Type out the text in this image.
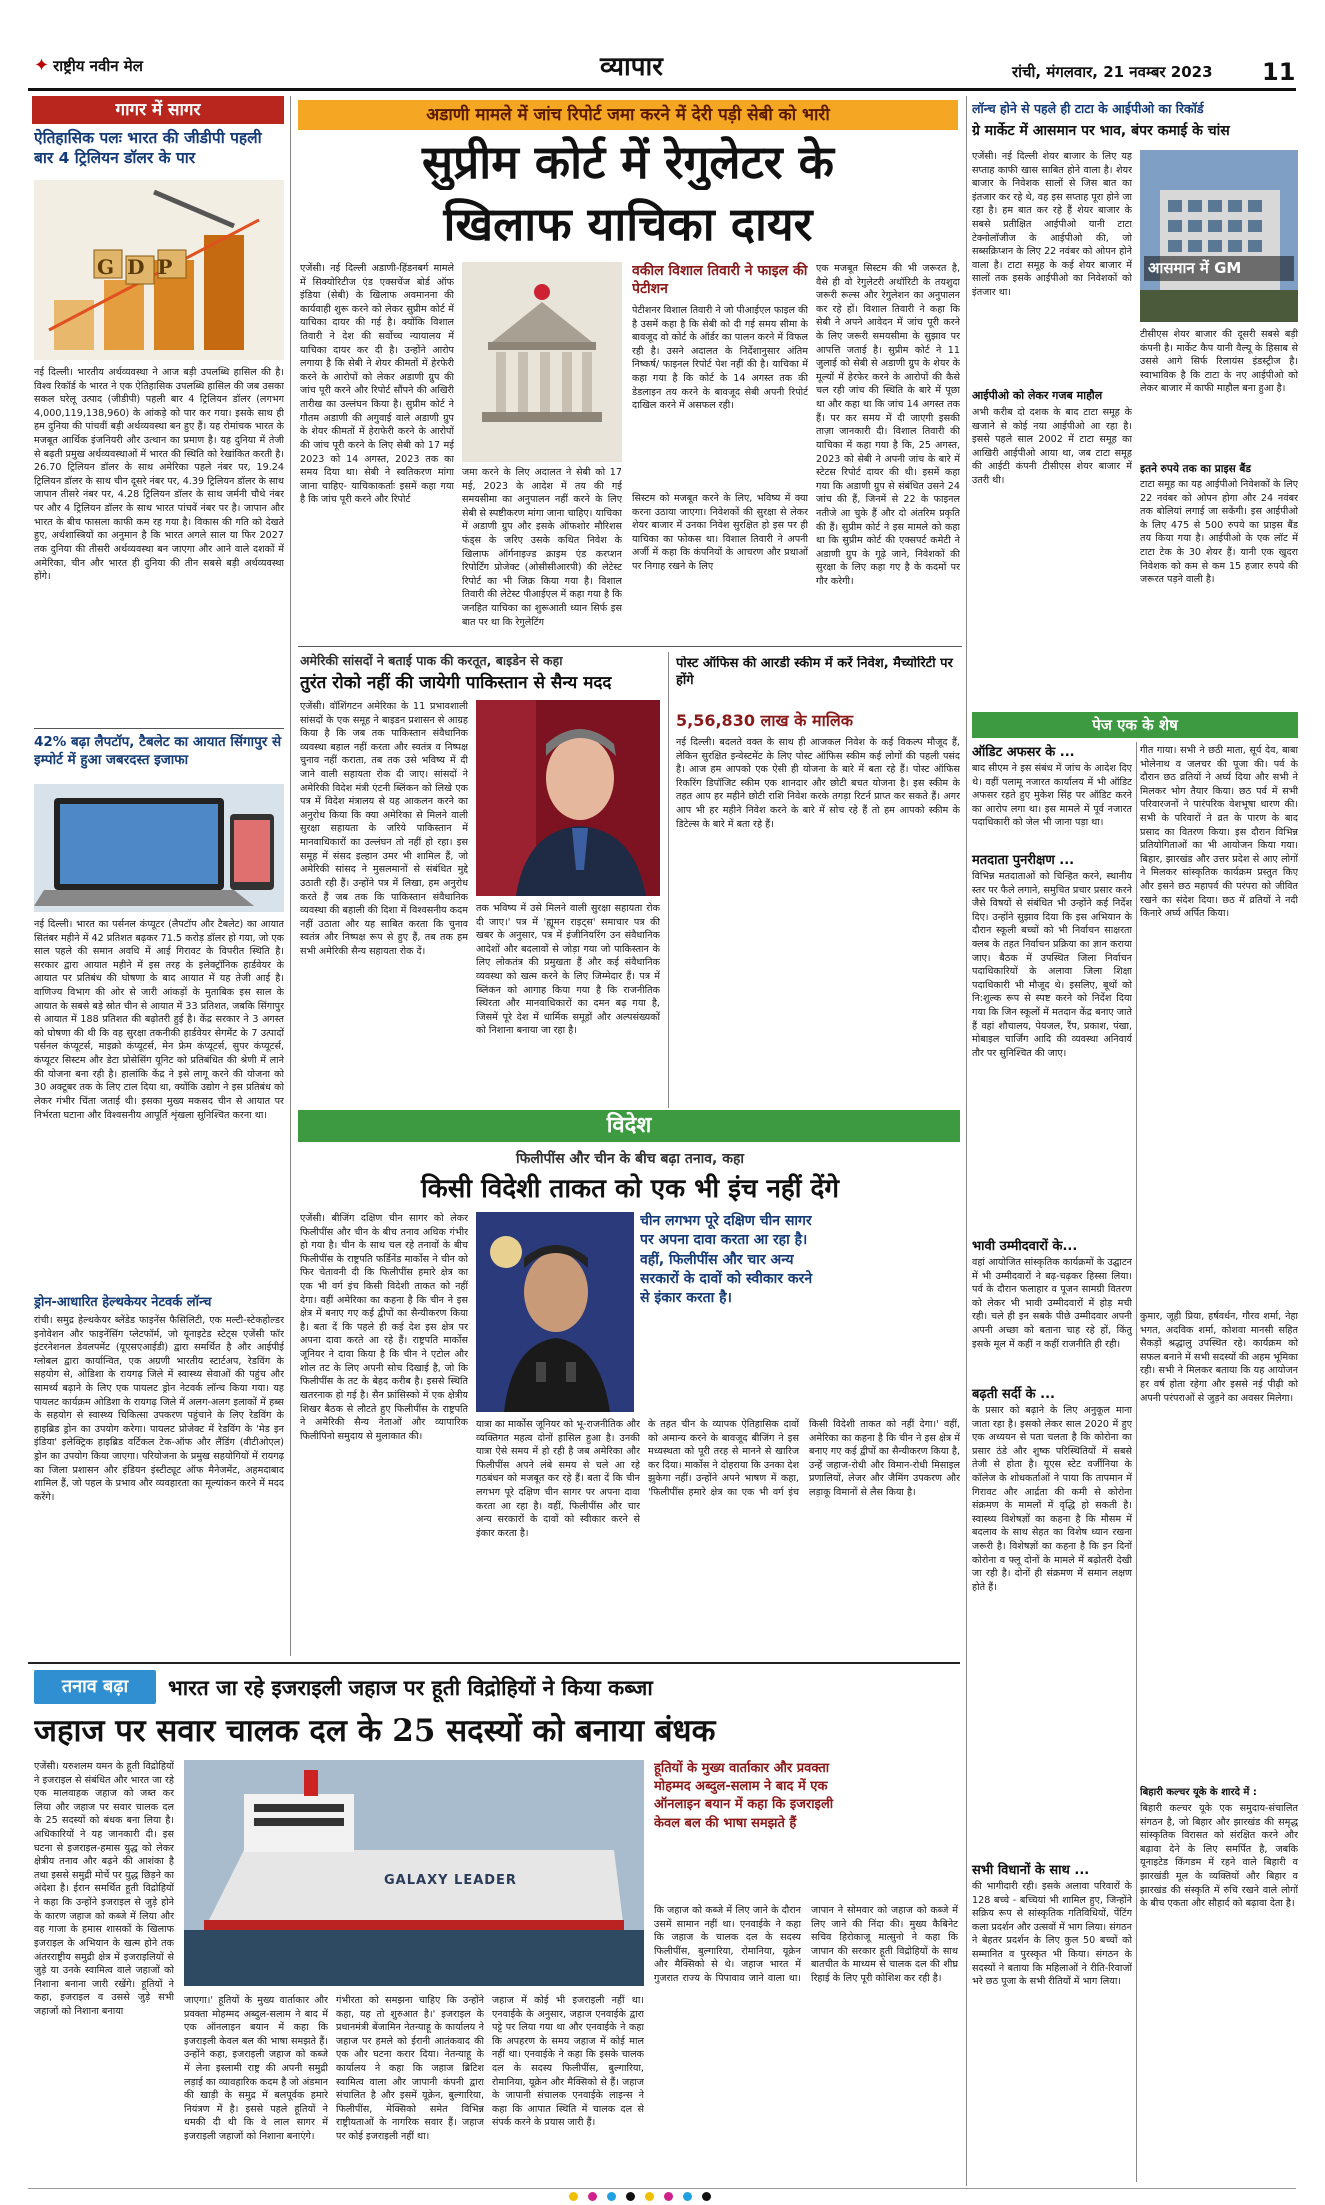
✦ राष्ट्रीय नवीन मेल	व्यापार	रांची, मंगलवार, 21 नवम्बर 2023 11
गागर में सागर
ऐतिहासिक पलः भारत की जीडीपी पहली बार 4 ट्रिलियन डॉलर के पार
GDP
नई दिल्ली। भारतीय अर्थव्यवस्था ने आज बड़ी उपलब्धि हासिल की है। विश्व रिकॉर्ड के भारत ने एक ऐतिहासिक उपलब्धि हासिल की जब उसका सकल घरेलू उत्पाद (जीडीपी) पहली बार 4 ट्रिलियन डॉलर (लगभग 4,000,119,138,960) के आंकड़े को पार कर गया। इसके साथ ही हम दुनिया की पांचवीं बड़ी अर्थव्यवस्था बन हुए हैं। यह रोमांचक भारत के मजबूत आर्थिक इंजनियरी और उत्थान का प्रमाण है। यह दुनिया में तेजी से बढ़ती प्रमुख अर्थव्यवस्थाओं में भारत की स्थिति को रेखांकित करती है। 26.70 ट्रिलियन डॉलर के साथ अमेरिका पहले नंबर पर, 19.24 ट्रिलियन डॉलर के साथ चीन दूसरे नंबर पर, 4.39 ट्रिलियन डॉलर के साथ जापान तीसरे नंबर पर, 4.28 ट्रिलियन डॉलर के साथ जर्मनी चौथे नंबर पर और 4 ट्रिलियन डॉलर के साथ भारत पांचवें नंबर पर है। जापान और भारत के बीच फासला काफी कम रह गया है। विकास की गति को देखते हुए, अर्थशास्त्रियों का अनुमान है कि भारत अगले साल या फिर 2027 तक दुनिया की तीसरी अर्थव्यवस्था बन जाएगा और आने वाले दशकों में अमेरिका, चीन और भारत ही दुनिया की तीन सबसे बड़ी अर्थव्यवस्था होंगे।
42% बढ़ा लैपटॉप, टैबलेट का आयात सिंगापुर से इम्पोर्ट में हुआ जबरदस्त इजाफा
नई दिल्ली। भारत का पर्सनल कंप्यूटर (लैपटॉप और टैबलेट) का आयात सितंबर महीने में 42 प्रतिशत बढ़कर 71.5 करोड़ डॉलर हो गया, जो एक साल पहले की समान अवधि में आई गिरावट के विपरीत स्थिति है। सरकार द्वारा आयात महीने में इस तरह के इलेक्ट्रॉनिक हार्डवेयर के आयात पर प्रतिबंध की घोषणा के बाद आयात में यह तेजी आई है। वाणिज्य विभाग की ओर से जारी आंकड़ों के मुताबिक इस साल के आयात के सबसे बड़े स्रोत चीन से आयात में 33 प्रतिशत, जबकि सिंगापुर से आयात में 188 प्रतिशत की बढ़ोतरी हुई है। केंद्र सरकार ने 3 अगस्त को घोषणा की थी कि वह सुरक्षा तकनीकी हार्डवेयर सेगमेंट के 7 उत्पादों पर्सनल कंप्यूटर्स, माइक्रो कंप्यूटर्स, मेन फ्रेम कंप्यूटर्स, सुपर कंप्यूटर्स, कंप्यूटर सिस्टम और डेटा प्रोसेसिंग यूनिट को प्रतिबंधित की श्रेणी में लाने की योजना बना रही है। हालांकि केंद्र ने इसे लागू करने की योजना को 30 अक्टूबर तक के लिए टाल दिया था, क्योंकि उद्योग ने इस प्रतिबंध को लेकर गंभीर चिंता जताई थी। इसका मुख्य मकसद चीन से आयात पर निर्भरता घटाना और विश्वसनीय आपूर्ति शृंखला सुनिश्चित करना था।
ड्रोन-आधारित हेल्थकेयर नेटवर्क लॉन्च
रांची। समुद्र हेल्थकेयर ब्लेंडेड फाइनेंस फैसिलिटी, एक मल्टी-स्टेकहोल्डर इनोवेशन और फाइनेंसिंग प्लेटफॉर्म, जो यूनाइटेड स्टेट्स एजेंसी फॉर इंटरनेशनल डेवलपमेंट (यूएसएआईडी) द्वारा समर्थित है और आईपीई ग्लोबल द्वारा कार्यान्वित, एक अग्रणी भारतीय स्टार्टअप, रेडविंग के सहयोग से, ओडिशा के रायगढ़ जिले में स्वास्थ्य सेवाओं की पहुंच और सामर्थ्य बढ़ाने के लिए एक पायलट ड्रोन नेटवर्क लॉन्च किया गया। यह पायलट कार्यक्रम ओडिशा के रायगढ़ जिले में अलग-अलग इलाकों में हब्स के सहयोग से स्वास्थ्य चिकित्सा उपकरण पहुंचाने के लिए रेडविंग के हाइब्रिड ड्रोन का उपयोग करेगा। पायलट प्रोजेक्ट में रेडविंग के 'मेड इन इंडिया' इलेक्ट्रिक हाइब्रिड वर्टिकल टेक-ऑफ और लैंडिंग (वीटीओएल) ड्रोन का उपयोग किया जाएगा। परियोजना के प्रमुख सहयोगियों में रायगढ़ का जिला प्रशासन और इंडियन इंस्टीट्यूट ऑफ मैनेजमेंट, अहमदाबाद शामिल हैं, जो पहल के प्रभाव और व्यवहारता का मूल्यांकन करने में मदद करेंगे।
अडाणी मामले में जांच रिपोर्ट जमा करने में देरी पड़ी सेबी को भारी
सुप्रीम कोर्ट में रेगुलेटर के
खिलाफ याचिका दायर
एजेंसी। नई दिल्ली अडाणी-हिंडनबर्ग मामले में सिक्योरिटीज एंड एक्सचेंज बोर्ड ऑफ इंडिया (सेबी) के खिलाफ अवमानना की कार्यवाही शुरू करने को लेकर सुप्रीम कोर्ट में याचिका दायर की गई है। क्योंकि विशाल तिवारी ने देश की सर्वोच्च न्यायालय में याचिका दायर कर दी है। उन्होंने आरोप लगाया है कि सेबी ने शेयर कीमतों में हेरफेरी करने के आरोपों को लेकर अडाणी ग्रुप की जांच पूरी करने और रिपोर्ट सौंपने की अखिरी तारीख का उल्लंघन किया है। सुप्रीम कोर्ट ने गौतम अडाणी की अगुवाई वाले अडाणी ग्रुप के शेयर कीमतों में हेराफेरी करने के आरोपों की जांच पूरी करने के लिए सेबी को 17 मई 2023 को 14 अगस्त, 2023 तक का समय दिया था। सेबी ने स्वतिकरण मांगा जाना चाहिए- याचिकाकर्ताः इसमें कहा गया है कि जांच पूरी करने और रिपोर्ट
जमा करने के लिए अदालत ने सेबी को 17 मई, 2023 के आदेश में तय की गई समयसीमा का अनुपालन नहीं करने के लिए सेबी से स्पष्टीकरण मांगा जाना चाहिए। याचिका में अडाणी ग्रुप और इसके ऑफशोर मौरिशस फंड्स के जरिए उसके कथित निवेश के खिलाफ ऑर्गनाइज्ड क्राइम एंड करप्शन रिपोर्टिंग प्रोजेक्ट (ओसीसीआरपी) की लेटेस्ट रिपोर्ट का भी जिक्र किया गया है। विशाल तिवारी की लेटेस्ट पीआईएल में कहा गया है कि जनहित याचिका का शुरूआती ध्यान सिर्फ इस बात पर था कि रेगुलेटिंग
वकील विशाल तिवारी ने फाइल की पेटीशन
पेटीशनर विशाल तिवारी ने जो पीआईएल फाइल की है उसमें कहा है कि सेबी को दी गई समय सीमा के बावजूद वो कोर्ट के ऑर्डर का पालन करने में विफल रही है। उसने अदालत के निर्देशानुसार अंतिम निष्कर्ष/ फाइनल रिपोर्ट पेश नहीं की है। याचिका में कहा गया है कि कोर्ट के 14 अगस्त तक की डेडलाइन तय करने के बावजूद सेबी अपनी रिपोर्ट दाखिल करने में असफल रही।
सिस्टम को मजबूत करने के लिए, भविष्य में क्या करना उठाया जाएगा। निवेशकों की सुरक्षा से लेकर शेयर बाजार में उनका निवेश सुरक्षित हो इस पर ही याचिका का फोकस था। विशाल तिवारी ने अपनी अर्जी में कहा कि कंपनियों के आचरण और प्रथाओं पर निगाह रखने के लिए
एक मजबूत सिस्टम की भी जरूरत है, वैसे ही वो रेगुलेटरी अथॉरिटी के तयशुदा जरूरी रूल्स और रेगुलेशन का अनुपालन कर रहे हों। विशाल तिवारी ने कहा कि सेबी ने अपने आवेदन में जांच पूरी करने के लिए जरूरी समयसीमा के सुझाव पर आपत्ति जताई है। सुप्रीम कोर्ट ने 11 जुलाई को सेबी से अडाणी ग्रुप के शेयर के मूल्यों में हेरफेर करने के आरोपों की कैसे चल रही जांच की स्थिति के बारे में पूछा था और कहा था कि जांच 14 अगस्त तक हैं। पर कर समय में दी जाएगी इसकी ताज़ा जानकारी दी। विशाल तिवारी की याचिका में कहा गया है कि, 25 अगस्त, 2023 को सेबी ने अपनी जांच के बारे में स्टेटस रिपोर्ट दायर की थी। इसमें कहा गया कि अडाणी ग्रुप से संबंधित उसने 24 जांच की हैं, जिनमें से 22 के फाइनल नतीजे आ चुके हैं और दो अंतरिम प्रकृति की हैं। सुप्रीम कोर्ट ने इस मामले को कहा था कि सुप्रीम कोर्ट की एक्सपर्ट कमेटी ने अडाणी ग्रुप के गूढ़े जाने, निवेशकों की सुरक्षा के लिए कहा गए है के कदमों पर गौर करेगी।
अमेरिकी सांसदों ने बताई पाक की करतूत, बाइडेन से कहा
तुरंत रोको नहीं की जायेगी पाकिस्तान से सैन्य मदद
एजेंसी। वॉशिंगटन अमेरिका के 11 प्रभावशाली सांसदों के एक समूह ने बाइडन प्रशासन से आग्रह किया है कि जब तक पाकिस्तान संवैधानिक व्यवस्था बहाल नहीं करता और स्वतंत्र व निष्पक्ष चुनाव नहीं कराता, तब तक उसे भविष्य में दी जाने वाली सहायता रोक दी जाए। सांसदों ने अमेरिकी विदेश मंत्री एंटनी ब्लिंकन को लिखे एक पत्र में विदेश मंत्रालय से यह आकलन करने का अनुरोध किया कि क्या अमेरिका से मिलने वाली सुरक्षा सहायता के जरिये पाकिस्तान में मानवाधिकारों का उल्लंघन तो नहीं हो रहा। इस समूह में संसद इल्हान उमर भी शामिल हैं, जो अमेरिकी सांसद ने मुसलमानों से संबंधित मुद्दे उठाती रही हैं। उन्होंने पत्र में लिखा, हम अनुरोध करते हैं जब तक कि पाकिस्तान संवैधानिक व्यवस्था की बहाली की दिशा में विश्वसनीय कदम नहीं उठाता और यह साबित करता कि चुनाव स्वतंत्र और निष्पक्ष रूप से हुए हैं, तब तक हम सभी अमेरिकी सैन्य सहायता रोक दें।
तक भविष्य में उसे मिलने वाली सुरक्षा सहायता रोक दी जाए।' पत्र में 'ह्यूमन राइट्स' समाचार पत्र की खबर के अनुसार, पत्र में इंजीनियरिंग उन संवैधानिक आदेशों और बदलावों से जोड़ा गया जो पाकिस्तान के लिए लोकतंत्र की प्रमुखता हैं और कई संवैधानिक व्यवस्था को खत्म करने के लिए जिम्मेदार हैं। पत्र में ब्लिंकन को आगाह किया गया है कि राजनीतिक स्थिरता और मानवाधिकारों का दमन बढ़ गया है, जिसमें पूरे देश में धार्मिक समूहों और अल्पसंख्यकों को निशाना बनाया जा रहा है।
पोस्ट ऑफिस की आरडी स्कीम में करें निवेश, मैच्योरिटी पर होंगे
5,56,830 लाख के मालिक
नई दिल्ली। बदलते वक्त के साथ ही आजकल निवेश के कई विकल्प मौजूद हैं, लेकिन सुरक्षित इन्वेस्टमेंट के लिए पोस्ट ऑफिस स्कीम कई लोगों की पहली पसंद है। आज हम आपको एक ऐसी ही योजना के बारे में बता रहे हैं। पोस्ट ऑफिस रिकरिंग डिपॉजिट स्कीम एक शानदार और छोटी बचत योजना है। इस स्कीम के तहत आप हर महीने छोटी राशि निवेश करके तगड़ा रिटर्न प्राप्त कर सकते हैं। अगर आप भी हर महीने निवेश करने के बारे में सोच रहे हैं तो हम आपको स्कीम के डिटेल्स के बारे में बता रहे हैं।
विदेश
फिलीपींस और चीन के बीच बढ़ा तनाव, कहा
किसी विदेशी ताकत को एक भी इंच नहीं देंगे
एजेंसी। बीजिंग दक्षिण चीन सागर को लेकर फिलीपींस और चीन के बीच तनाव अधिक गंभीर हो गया है। चीन के साथ चल रहे तनावों के बीच फिलीपींस के राष्ट्रपति फर्डिनेंड मार्कोस ने चीन को फिर चेतावनी दी कि फिलीपींस हमारे क्षेत्र का एक भी वर्ग इंच किसी विदेशी ताकत को नहीं देगा। वहीं अमेरिका का कहना है कि चीन ने इस क्षेत्र में बनाए गए कई द्वीपों का सैन्यीकरण किया है। बता दें कि पहले ही कई देश इस क्षेत्र पर अपना दावा करते आ रहे हैं। राष्ट्रपति मार्कोस जूनियर ने दावा किया है कि चीन ने एटोल और शोल तट के लिए अपनी सोच दिखाई है, जो कि फिलीपींस के तट के बेहद करीब है। इससे स्थिति खतरनाक हो गई है। सैन फ्रांसिस्को में एक क्षेत्रीय शिखर बैठक से लौटते हुए फिलीपींस के राष्ट्रपति ने अमेरिकी सैन्य नेताओं और व्यापारिक फिलीपिनो समुदाय से मुलाकात की।
चीन लगभग पूरे दक्षिण चीन सागर पर अपना दावा करता आ रहा है। वहीं, फिलीपींस और चार अन्य सरकारों के दावों को स्वीकार करने से इंकार करता है।
यात्रा का मार्कोस जूनियर को भू-राजनीतिक और व्यक्तिगत महत्व दोनों हासिल हुआ है। उनकी यात्रा ऐसे समय में हो रही है जब अमेरिका और फिलीपींस अपने लंबे समय से चले आ रहे गठबंधन को मजबूत कर रहे हैं। बता दें कि चीन लगभग पूरे दक्षिण चीन सागर पर अपना दावा करता आ रहा है। वहीं, फिलीपींस और चार अन्य सरकारों के दावों को स्वीकार करने से इंकार करता है।
के तहत चीन के व्यापक ऐतिहासिक दावों को अमान्य करने के बावजूद बीजिंग ने इस मध्यस्थता को पूरी तरह से मानने से खारिज कर दिया। मार्कोस ने दोहराया कि उनका देश झुकेगा नहीं। उन्होंने अपने भाषण में कहा, 'फिलीपींस हमारे क्षेत्र का एक भी वर्ग इंच किसी विदेशी ताकत को नहीं देगा।' वहीं, अमेरिका का कहना है कि चीन ने इस क्षेत्र में बनाए गए कई द्वीपों का सैन्यीकरण किया है, उन्हें जहाज-रोधी और विमान-रोधी मिसाइल प्रणालियों, लेजर और जैमिंग उपकरण और लड़ाकू विमानों से लैस किया है।
तनाव बढ़ा	भारत जा रहे इजराइली जहाज पर हूती विद्रोहियों ने किया कब्जा
जहाज पर सवार चालक दल के 25 सदस्यों को बनाया बंधक
एजेंसी। यरुशलम यमन के हूती विद्रोहियों ने इजराइल से संबंधित और भारत जा रहे एक मालवाहक जहाज को जब्त कर लिया और जहाज पर सवार चालक दल के 25 सदस्यों को बंधक बना लिया है। अधिकारियों ने यह जानकारी दी। इस घटना से इजराइल-हमास युद्ध को लेकर क्षेत्रीय तनाव और बढ़ने की आशंका है तथा इससे समुद्री मोर्चे पर युद्ध छिड़ने का अंदेशा है। ईरान समर्थित हूती विद्रोहियों ने कहा कि उन्होंने इजराइल से जुड़े होने के कारण जहाज को कब्जे में लिया और वह गाजा के हमास शासकों के खिलाफ इजराइल के अभियान के खत्म होने तक अंतरराष्ट्रीय समुद्री क्षेत्र में इजराइलियों से जुड़े या उनके स्वामित्व वाले जहाजों को निशाना बनाना जारी रखेंगे। हूतियों ने कहा, इजराइल व उससे जुड़े सभी जहाजों को निशाना बनाया
GALAXY LEADER
जाएगा।' हूतियों के मुख्य वार्ताकार और प्रवक्ता मोहम्मद अब्दुल-सलाम ने बाद में एक ऑनलाइन बयान में कहा कि इजराइली केवल बल की भाषा समझते हैं। उन्होंने कहा, इजराइली जहाज को कब्जे में लेना इस्लामी राष्ट्र की अपनी समुद्री लड़ाई का व्यावहारिक कदम है जो अंडमान की खाड़ी के समुद्र में बलपूर्वक हमारे नियंत्रण में है। इससे पहले हूतियों ने धमकी दी थी कि वे लाल सागर में इजराइली जहाजों को निशाना बनाएंगे।
गंभीरता को समझना चाहिए कि उन्होंने कहा, यह तो शुरुआत है।' इजराइल के प्रधानमंत्री बेंजामिन नेतन्याहू के कार्यालय ने जहाज पर हमले को ईरानी आतंकवाद की एक और घटना करार दिया। नेतन्याहू के कार्यालय ने कहा कि जहाज ब्रिटिश स्वामित्व वाला और जापानी कंपनी द्वारा संचालित है और इसमें यूक्रेन, बुल्गारिया, फिलीपींस, मेक्सिको समेत विभिन्न राष्ट्रीयताओं के नागरिक सवार हैं। जहाज पर कोई इजराइली नहीं था।
जहाज में कोई भी इजराइली नहीं था। एनवाईके के अनुसार, जहाज एनवाईके द्वारा पट्टे पर लिया गया था और एनवाईके ने कहा कि अपहरण के समय जहाज में कोई माल नहीं था। एनवाईके ने कहा कि इसके चालक दल के सदस्य फिलीपींस, बुल्गारिया, रोमानिया, यूक्रेन और मैक्सिको से हैं। जहाज के जापानी संचालक एनवाईके लाइन्स ने कहा कि आपात स्थिति में चालक दल से संपर्क करने के प्रयास जारी हैं।
हूतियों के मुख्य वार्ताकार और प्रवक्ता मोहम्मद अब्दुल-सलाम ने बाद में एक ऑनलाइन बयान में कहा कि इजराइली केवल बल की भाषा समझते हैं
कि जहाज को कब्जे में लिए जाने के दौरान उसमें सामान नहीं था। एनवाईके ने कहा कि जहाज के चालक दल के सदस्य फिलीपींस, बुल्गारिया, रोमानिया, यूक्रेन और मैक्सिको से थे। जहाज भारत में गुजरात राज्य के पिपावाव जाने वाला था। जापान ने सोमवार को जहाज को कब्जे में लिए जाने की निंदा की। मुख्य कैबिनेट सचिव हिरोकाजू मात्सुनो ने कहा कि जापान की सरकार हूती विद्रोहियों के साथ बातचीत के माध्यम से चालक दल की शीघ्र रिहाई के लिए पूरी कोशिश कर रही है।
लॉन्च होने से पहले ही टाटा के आईपीओ का रिकॉर्ड
ग्रे मार्केट में आसमान पर भाव, बंपर कमाई के चांस
एजेंसी। नई दिल्ली शेयर बाजार के लिए यह सप्ताह काफी खास साबित होने वाला है। शेयर बाजार के निवेशक सालों से जिस बात का इंतजार कर रहे थे, वह इस सप्ताह पूरा होने जा रहा है। हम बात कर रहे हैं शेयर बाजार के सबसे प्रतीक्षित आईपीओ यानी टाटा टेक्नोलॉजीज के आईपीओ की, जो सब्सक्रिप्शन के लिए 22 नवंबर को ओपन होने वाला है। टाटा समूह के कई शेयर बाजार में सालों तक इसके आईपीओ का निवेशकों को इंतजार था।
आईपीओ को लेकर गजब माहौल
अभी करीब दो दशक के बाद टाटा समूह के खजाने से कोई नया आईपीओ आ रहा है। इससे पहले साल 2002 में टाटा समूह का आखिरी आईपीओ आया था, जब टाटा समूह की आईटी कंपनी टीसीएस शेयर बाजार में उतरी थी।
आसमान में GM
टीसीएस शेयर बाजार की दूसरी सबसे बड़ी कंपनी है। मार्केट कैप यानी वैल्यू के हिसाब से उससे आगे सिर्फ रिलायंस इंडस्ट्रीज है। स्वाभाविक है कि टाटा के नए आईपीओ को लेकर बाजार में काफी माहौल बना हुआ है।
इतने रुपये तक का प्राइस बैंड
टाटा समूह का यह आईपीओ निवेशकों के लिए 22 नवंबर को ओपन होगा और 24 नवंबर तक बोलियां लगाई जा सकेंगी। इस आईपीओ के लिए 475 से 500 रुपये का प्राइस बैंड तय किया गया है। आईपीओ के एक लॉट में टाटा टेक के 30 शेयर हैं। यानी एक खुदरा निवेशक को कम से कम 15 हजार रुपये की जरूरत पड़ने वाली है।
पेज एक के शेष
ऑडिट अफसर के ...
बाद सीएम ने इस संबंध में जांच के आदेश दिए थे। वहीं पलामू नजारत कार्यालय में भी ऑडिट अफसर रहते हुए मुकेश सिंह पर ऑडिट करने का आरोप लगा था। इस मामले में पूर्व नजारत पदाधिकारी को जेल भी जाना पड़ा था।
मतदाता पुनरीक्षण ...
विभिन्न मतदाताओं को चिन्हित करने, स्थानीय स्तर पर फैले लगाने, समुचित प्रचार प्रसार करने जैसे विषयों से संबंधित भी उन्होंने कई निर्देश दिए। उन्होंने सुझाव दिया कि इस अभियान के दौरान स्कूली बच्चों को भी निर्वाचन साक्षरता क्लब के तहत निर्वाचन प्रक्रिया का ज्ञान कराया जाए। बैठक में उपस्थित जिला निर्वाचन पदाधिकारियों के अलावा जिला शिक्षा पदाधिकारी भी मौजूद थे। इसलिए, बूथों को नि:शुल्क रूप से स्पष्ट करने को निर्देश दिया गया कि जिन स्कूलों में मतदान केंद्र बनाए जाते हैं वहां शौचालय, पेयजल, रैंप, प्रकाश, पंखा, मोबाइल चार्जिंग आदि की व्यवस्था अनिवार्य तौर पर सुनिश्चित की जाए।
भावी उम्मीदवारों के...
वहां आयोजित सांस्कृतिक कार्यक्रमों के उद्घाटन में भी उम्मीदवारों ने बढ़-चढ़कर हिस्सा लिया। पर्व के दौरान फलाहार व पूजन सामग्री वितरण को लेकर भी भावी उम्मीदवारों में होड़ मची रही। चले ही इन सबके पीछे उम्मीदवार अपनी अपनी अच्छा को बताना चाह रहे हों, किंतु इसके मूल में कहीं न कहीं राजनीति ही रही।
बढ़ती सर्दी के ...
के प्रसार को बढ़ाने के लिए अनुकूल माना जाता रहा है। इसको लेकर साल 2020 में हुए एक अध्ययन से पता चलता है कि कोरोना का प्रसार ठंडे और शुष्क परिस्थितियों में सबसे तेजी से होता है। यूएस स्टेट वर्जीनिया के कॉलेज के शोधकर्ताओं ने पाया कि तापमान में गिरावट और आर्द्रता की कमी से कोरोना संक्रमण के मामलों में वृद्धि हो सकती है। स्वास्थ्य विशेषज्ञों का कहना है कि मौसम में बदलाव के साथ सेहत का विशेष ध्यान रखना जरूरी है। विशेषज्ञों का कहना है कि इन दिनों कोरोना व फ्लू दोनों के मामले में बढ़ोतरी देखी जा रही है। दोनों ही संक्रमण में समान लक्षण होते हैं।
सभी विधानों के साथ ...
की भागीदारी रही। इसके अलावा परिवारों के 128 बच्चे - बच्चियां भी शामिल हुए, जिन्होंने सक्रिय रूप से सांस्कृतिक गतिविधियों, पेंटिंग कला प्रदर्शन और उत्सवों में भाग लिया। संगठन ने बेहतर प्रदर्शन के लिए कुल 50 बच्चों को सम्मानित व पुरस्कृत भी किया। संगठन के सदस्यों ने बताया कि महिलाओं ने रीति-रिवाजों भरे छठ पूजा के सभी रीतियों में भाग लिया।
गीत गाया। सभी ने छठी माता, सूर्य देव, बाबा भोलेनाथ व जलचर की पूजा की। पर्व के दौरान छठ व्रतियों ने अर्घ्य दिया और सभी ने मिलकर भोग तैयार किया। छठ पर्व में सभी परिवारजनों ने पारंपरिक वेशभूषा धारण की। सभी के परिवारों ने व्रत के पारण के बाद प्रसाद का वितरण किया। इस दौरान विभिन्न प्रतियोगिताओं का भी आयोजन किया गया। बिहार, झारखंड और उत्तर प्रदेश से आए लोगों ने मिलकर सांस्कृतिक कार्यक्रम प्रस्तुत किए और इसने छठ महापर्व की परंपरा को जीवित रखने का संदेश दिया। छठ में व्रतियों ने नदी किनारे अर्घ्य अर्पित किया।
कुमार, जूही प्रिया, हर्षवर्धन, गौरव शर्मा, नेहा भगत, अदविक शर्मा, कोशवा मानसी सहित सैकड़ों श्रद्धालु उपस्थित रहे। कार्यक्रम को सफल बनाने में सभी सदस्यों की अहम भूमिका रही। सभी ने मिलकर बताया कि यह आयोजन हर वर्ष होता रहेगा और इससे नई पीढ़ी को अपनी परंपराओं से जुड़ने का अवसर मिलेगा।
बिहारी कल्चर यूके के शारदे में :
बिहारी कल्चर यूके एक समुदाय-संचालित संगठन है, जो बिहार और झारखंड की समृद्ध सांस्कृतिक विरासत को संरक्षित करने और बढ़ावा देने के लिए समर्पित है, जबकि यूनाइटेड किंगडम में रहने वाले बिहारी व झारखंडी मूल के व्यक्तियों और बिहार व झारखंड की संस्कृति में रुचि रखने वाले लोगों के बीच एकता और सौहार्द को बढ़ावा देता है।
